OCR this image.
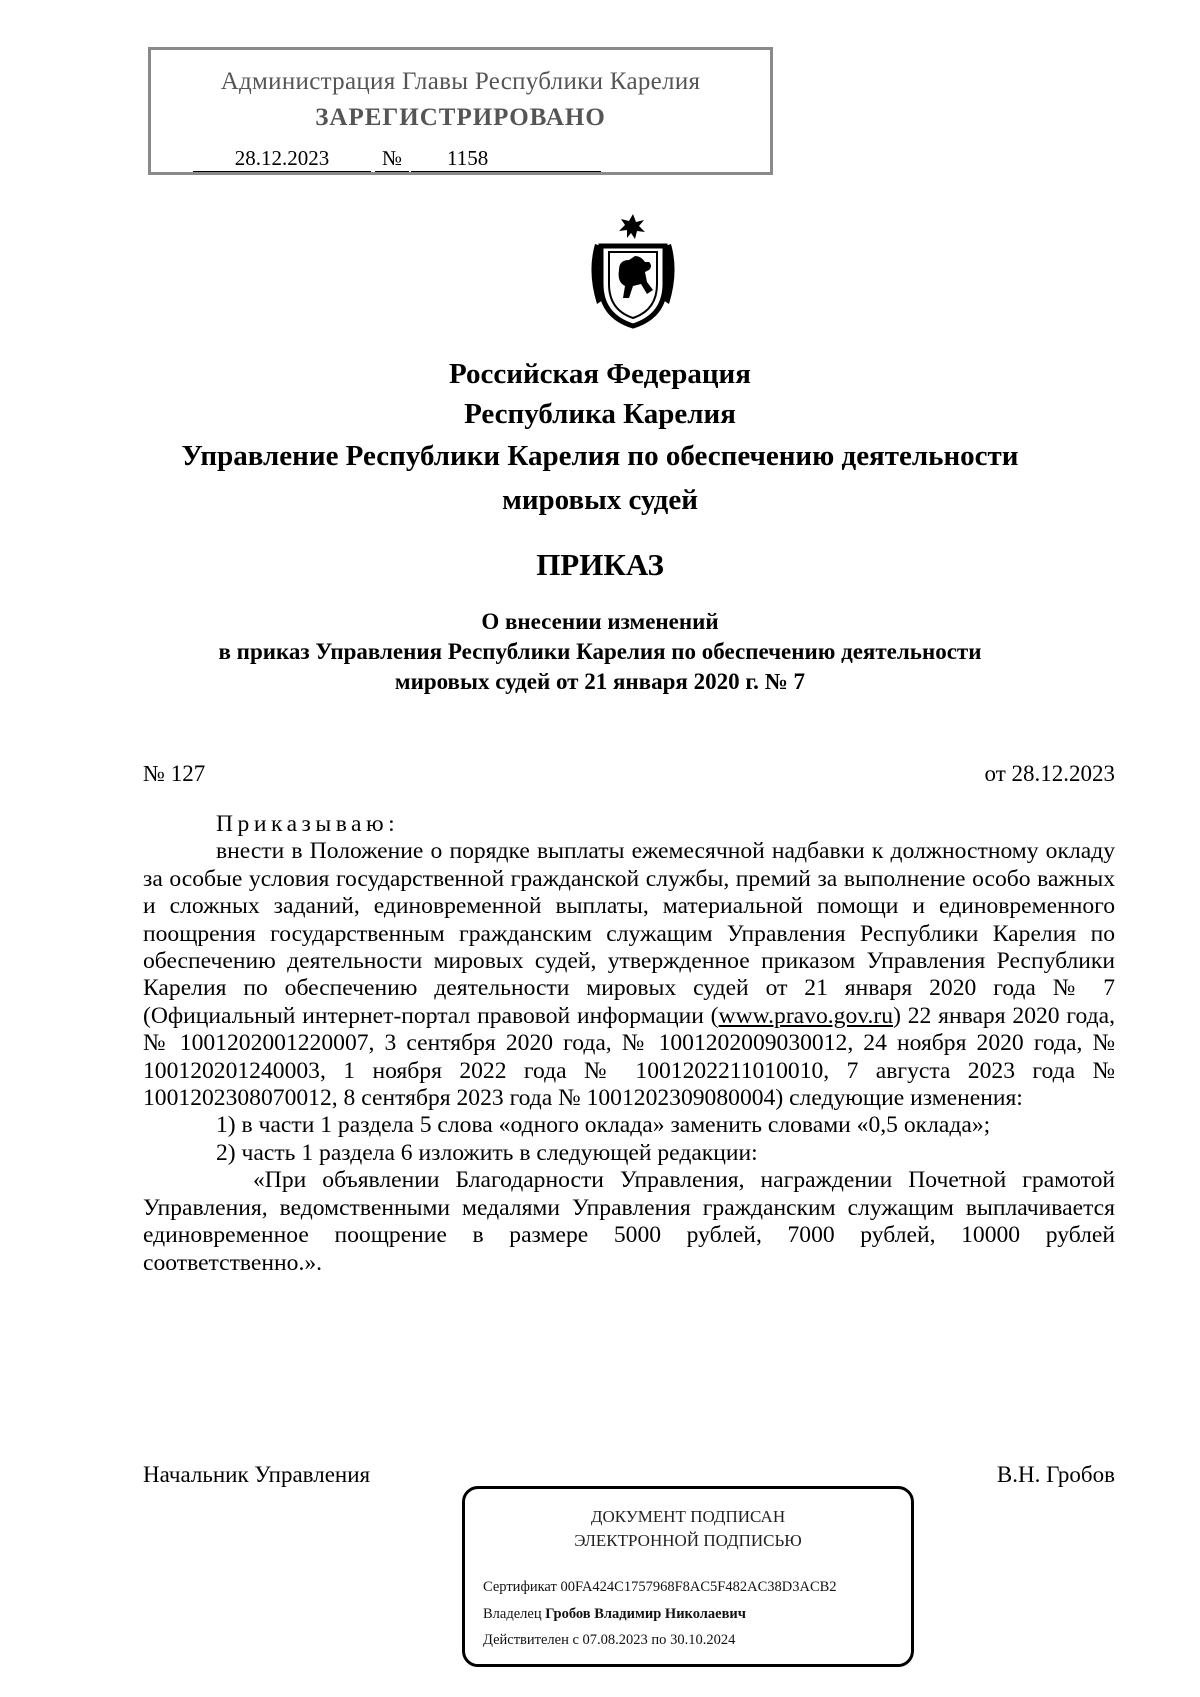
Администрация Главы Республики Карелия
ЗАРЕГИСТРИРОВАНО
28.12.2023	№	1158
Российская Федерация
Республика Карелия
Управление Республики Карелия по обеспечению деятельности
мировых судей
ПРИКАЗ
О внесении изменений
в приказ Управления Республики Карелия по обеспечению деятельности
мировых судей от 21 января 2020 г. № 7
№ 127	от 28.12.2023

Приказываю:

внести в Положение о порядке выплаты ежемесячной надбавки к должностному окладу за особые условия государственной гражданской службы, премий за выполнение особо важных и сложных заданий, единовременной выплаты, материальной помощи и единовременного поощрения государственным гражданским служащим Управления Республики Карелия по обеспечению деятельности мировых судей, утвержденное приказом Управления Республики Карелия по обеспечению деятельности мировых судей от 21 января 2020 года № 7 (Официальный интернет-портал правовой информации (www.pravo.gov.ru) 22 января 2020 года, № 1001202001220007, 3 сентября 2020 года, № 1001202009030012, 24 ноября 2020 года, № 100120201240003, 1 ноября 2022 года № 1001202211010010, 7 августа 2023 года № 1001202308070012, 8 сентября 2023 года № 1001202309080004) следующие изменения:

1) в части 1 раздела 5 слова «одного оклада» заменить словами «0,5 оклада»;

2) часть 1 раздела 6 изложить в следующей редакции:

«При объявлении Благодарности Управления, награждении Почетной грамотой Управления, ведомственными медалями Управления гражданским служащим выплачивается единовременное поощрение в размере 5000 рублей, 7000 рублей, 10000 рублей соответственно.».

Начальник Управления	В.Н. Гробов
ДОКУМЕНТ ПОДПИСАН
ЭЛЕКТРОННОЙ ПОДПИСЬЮ
Сертификат 00FA424C1757968F8AC5F482AC38D3ACB2
Владелец Гробов Владимир Николаевич
Действителен с 07.08.2023 по 30.10.2024
